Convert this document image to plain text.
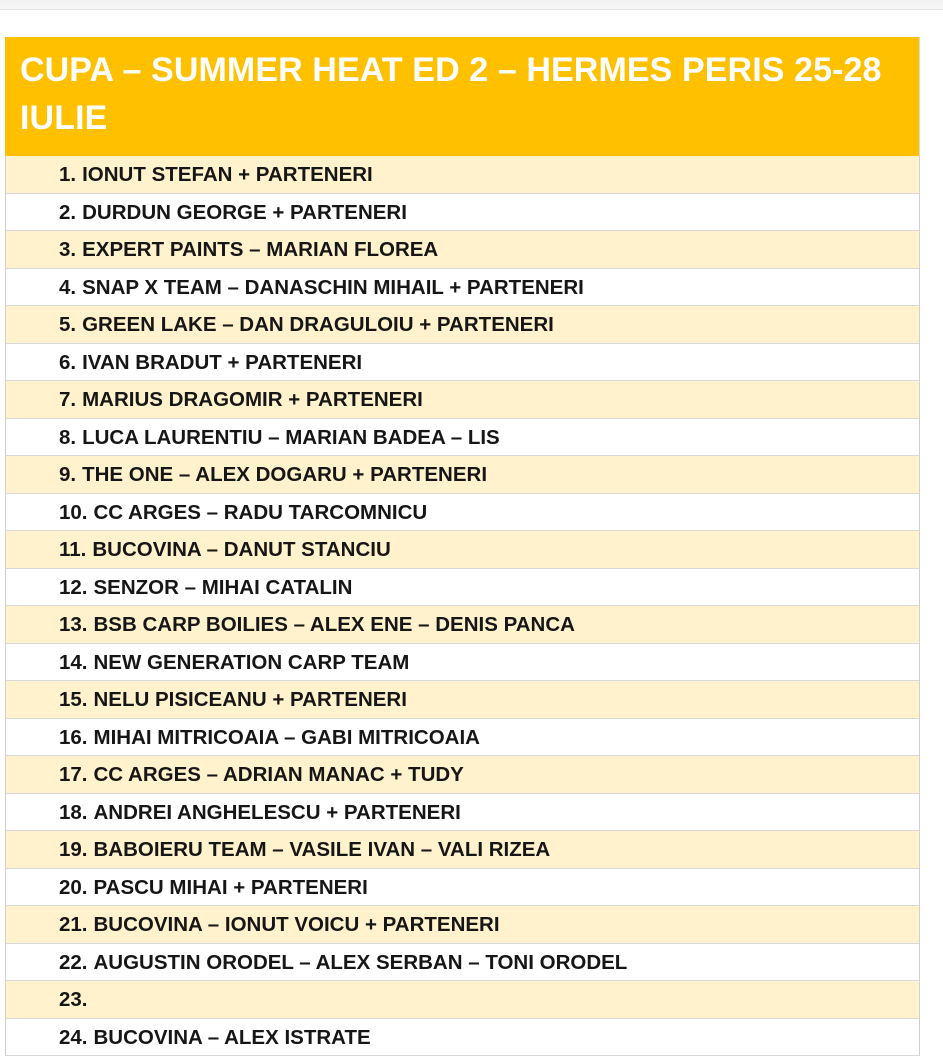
CUPA – SUMMER HEAT ED 2 – HERMES PERIS 25-28 IULIE
1. IONUT STEFAN + PARTENERI
2. DURDUN GEORGE + PARTENERI
3. EXPERT PAINTS – MARIAN FLOREA
4. SNAP X TEAM – DANASCHIN MIHAIL + PARTENERI
5. GREEN LAKE – DAN DRAGULOIU + PARTENERI
6. IVAN BRADUT + PARTENERI
7. MARIUS DRAGOMIR + PARTENERI
8. LUCA LAURENTIU – MARIAN BADEA – LIS
9. THE ONE – ALEX DOGARU + PARTENERI
10. CC ARGES – RADU TARCOMNICU
11. BUCOVINA – DANUT STANCIU
12. SENZOR – MIHAI CATALIN
13. BSB CARP BOILIES – ALEX ENE – DENIS PANCA
14. NEW GENERATION CARP TEAM
15. NELU PISICEANU + PARTENERI
16. MIHAI MITRICOAIA – GABI MITRICOAIA
17. CC ARGES – ADRIAN MANAC + TUDY
18. ANDREI ANGHELESCU + PARTENERI
19. BABOIERU TEAM – VASILE IVAN – VALI RIZEA
20. PASCU MIHAI + PARTENERI
21. BUCOVINA – IONUT VOICU + PARTENERI
22. AUGUSTIN ORODEL – ALEX SERBAN – TONI ORODEL
23.
24. BUCOVINA – ALEX ISTRATE
